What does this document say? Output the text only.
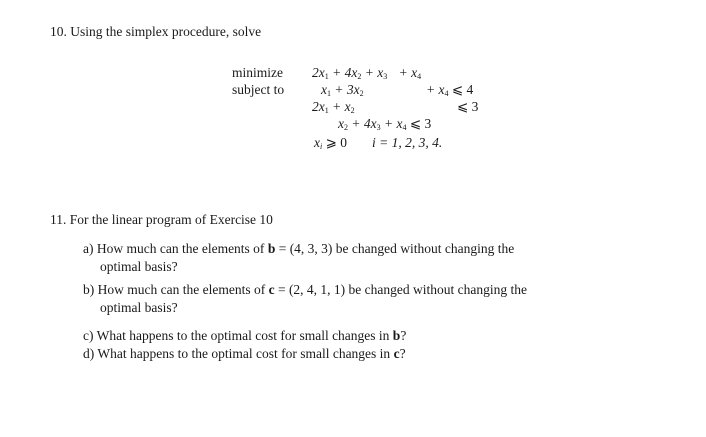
10. Using the simplex procedure, solve
minimize $2x_1 + 4x_2 + x_3 + x_4$
subject to	$x_1 + 3x_2$	+ $x_4$ ⩽ 4
$2x_1 + x_2$	⩽ 3
$x_2 + 4x_3 + x_4$ ⩽ 3
$x_i$ ⩾ 0 i = 1, 2, 3, 4.
11. For the linear program of Exercise 10
a) How much can the elements of b = (4, 3, 3) be changed without changing the
optimal basis?
b) How much can the elements of c = (2, 4, 1, 1) be changed without changing the
optimal basis?
c) What happens to the optimal cost for small changes in b?
d) What happens to the optimal cost for small changes in c?
